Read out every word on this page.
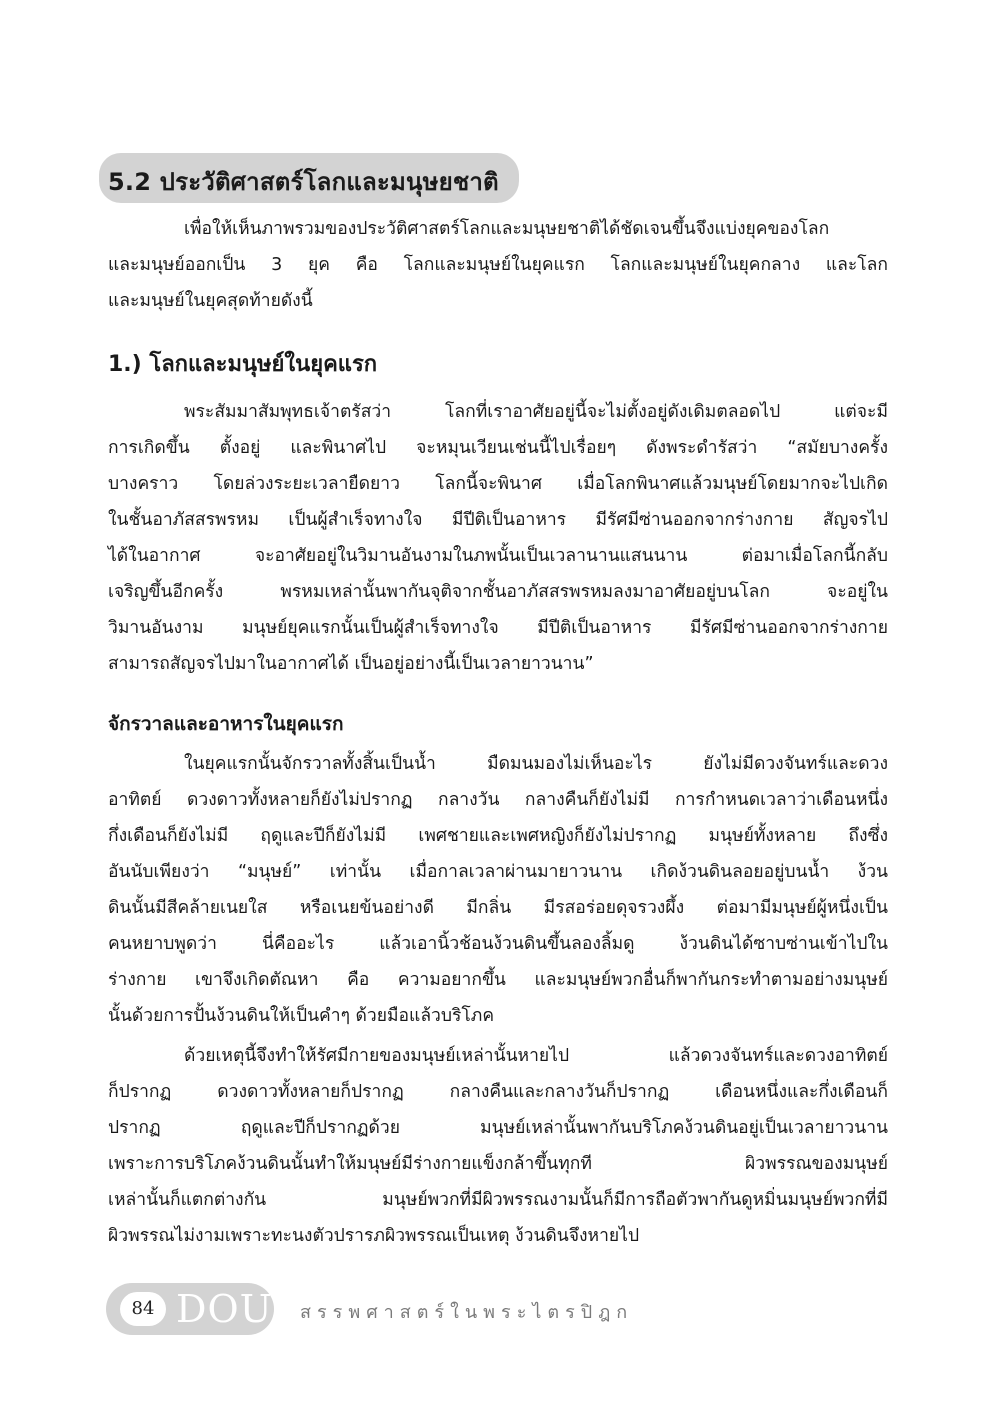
5.2 ประวัติศาสตร์โลกและมนุษยชาติ
เพื่อให้เห็นภาพรวมของประวัติศาสตร์โลกและมนุษยชาติได้ชัดเจนขึ้นจึงแบ่งยุคของโลก
และมนุษย์ออกเป็น 3 ยุค คือ โลกและมนุษย์ในยุคแรก โลกและมนุษย์ในยุคกลาง และโลก
และมนุษย์ในยุคสุดท้ายดังนี้
1.) โลกและมนุษย์ในยุคแรก
พระสัมมาสัมพุทธเจ้าตรัสว่า โลกที่เราอาศัยอยู่นี้จะไม่ตั้งอยู่ดังเดิมตลอดไป แต่จะมี
การเกิดขึ้น ตั้งอยู่ และพินาศไป จะหมุนเวียนเช่นนี้ไปเรื่อยๆ ดังพระดำรัสว่า “สมัยบางครั้ง
บางคราว โดยล่วงระยะเวลายืดยาว โลกนี้จะพินาศ เมื่อโลกพินาศแล้วมนุษย์โดยมากจะไปเกิด
ในชั้นอาภัสสรพรหม เป็นผู้สำเร็จทางใจ มีปีติเป็นอาหาร มีรัศมีซ่านออกจากร่างกาย สัญจรไป
ได้ในอากาศ จะอาศัยอยู่ในวิมานอันงามในภพนั้นเป็นเวลานานแสนนาน ต่อมาเมื่อโลกนี้กลับ
เจริญขึ้นอีกครั้ง พรหมเหล่านั้นพากันจุติจากชั้นอาภัสสรพรหมลงมาอาศัยอยู่บนโลก จะอยู่ใน
วิมานอันงาม มนุษย์ยุคแรกนั้นเป็นผู้สำเร็จทางใจ มีปีติเป็นอาหาร มีรัศมีซ่านออกจากร่างกาย
สามารถสัญจรไปมาในอากาศได้ เป็นอยู่อย่างนี้เป็นเวลายาวนาน”
จักรวาลและอาหารในยุคแรก
ในยุคแรกนั้นจักรวาลทั้งสิ้นเป็นน้ำ มืดมนมองไม่เห็นอะไร ยังไม่มีดวงจันทร์และดวง
อาทิตย์ ดวงดาวทั้งหลายก็ยังไม่ปรากฏ กลางวัน กลางคืนก็ยังไม่มี การกำหนดเวลาว่าเดือนหนึ่ง
กึ่งเดือนก็ยังไม่มี ฤดูและปีก็ยังไม่มี เพศชายและเพศหญิงก็ยังไม่ปรากฏ มนุษย์ทั้งหลาย ถึงซึ่ง
อันนับเพียงว่า “มนุษย์” เท่านั้น เมื่อกาลเวลาผ่านมายาวนาน เกิดง้วนดินลอยอยู่บนน้ำ ง้วน
ดินนั้นมีสีคล้ายเนยใส หรือเนยข้นอย่างดี มีกลิ่น มีรสอร่อยดุจรวงผึ้ง ต่อมามีมนุษย์ผู้หนึ่งเป็น
คนหยาบพูดว่า นี่คืออะไร แล้วเอานิ้วช้อนง้วนดินขึ้นลองลิ้มดู ง้วนดินได้ซาบซ่านเข้าไปใน
ร่างกาย เขาจึงเกิดตัณหา คือ ความอยากขึ้น และมนุษย์พวกอื่นก็พากันกระทำตามอย่างมนุษย์
นั้นด้วยการปั้นง้วนดินให้เป็นคำๆ ด้วยมือแล้วบริโภค
ด้วยเหตุนี้จึงทำให้รัศมีกายของมนุษย์เหล่านั้นหายไป แล้วดวงจันทร์และดวงอาทิตย์
ก็ปรากฏ ดวงดาวทั้งหลายก็ปรากฏ กลางคืนและกลางวันก็ปรากฏ เดือนหนึ่งและกึ่งเดือนก็
ปรากฏ ฤดูและปีก็ปรากฏด้วย มนุษย์เหล่านั้นพากันบริโภคง้วนดินอยู่เป็นเวลายาวนาน
เพราะการบริโภคง้วนดินนั้นทำให้มนุษย์มีร่างกายแข็งกล้าขึ้นทุกที ผิวพรรณของมนุษย์
เหล่านั้นก็แตกต่างกัน มนุษย์พวกที่มีผิวพรรณงามนั้นก็มีการถือตัวพากันดูหมิ่นมนุษย์พวกที่มี
ผิวพรรณไม่งามเพราะทะนงตัวปรารภผิวพรรณเป็นเหตุ ง้วนดินจึงหายไป
84 DOU สรรพศาสตร์ในพระไตรปิฎก
